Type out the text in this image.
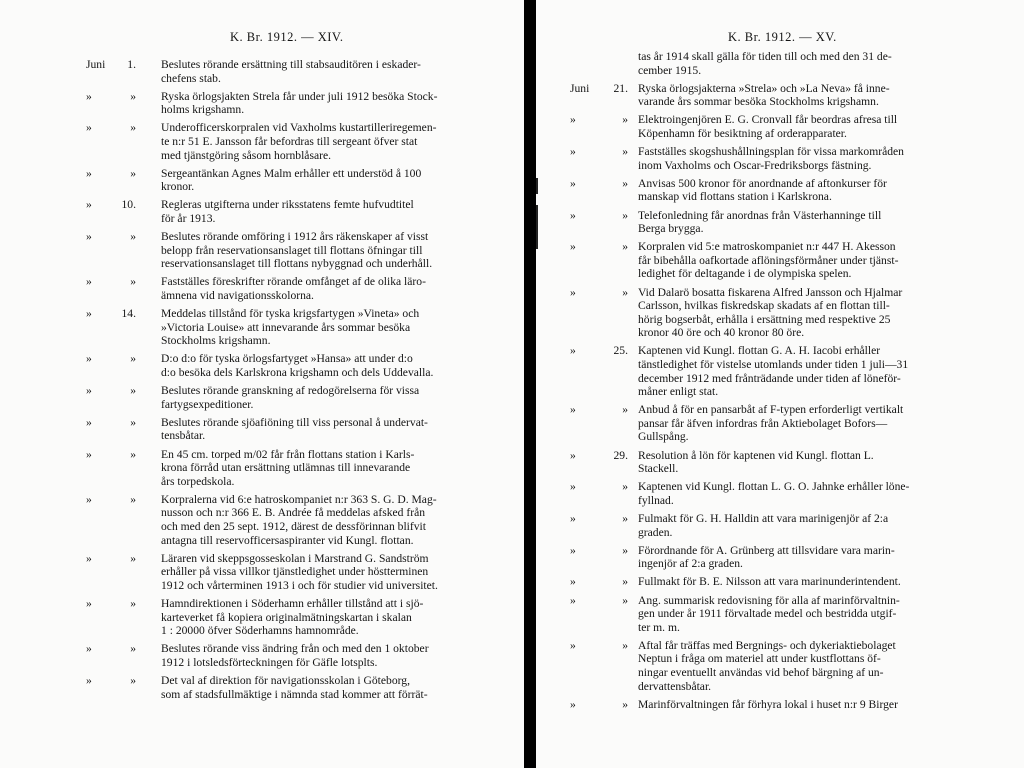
K. Br. 1912. — XIV.
Juni	1. Beslutes rörande ersättning till stabsauditören i eskader-
chefens stab.
»	» Ryska örlogsjakten Strela får under juli 1912 besöka Stock-
holms krigshamn.
»	» Underofficerskorpralen vid Vaxholms kustartilleriregemen-
te n:r 51 E. Jansson får befordras till sergeant öfver stat
med tjänstgöring såsom hornblåsare.
»	» Sergeantänkan Agnes Malm erhåller ett understöd å 100
kronor.
»	10. Regleras utgifterna under riksstatens femte hufvudtitel
för år 1913.
»	» Beslutes rörande omföring i 1912 års räkenskaper af visst
belopp från reservationsanslaget till flottans öfningar till
reservationsanslaget till flottans nybyggnad och underhåll.
»	» Fastställes föreskrifter rörande omfånget af de olika läro-
ämnena vid navigationsskolorna.
»	14. Meddelas tillstånd för tyska krigsfartygen »Vineta» och
»Victoria Louise» att innevarande års sommar besöka
Stockholms krigshamn.
»	» D:o d:o för tyska örlogsfartyget »Hansa» att under d:o
d:o besöka dels Karlskrona krigshamn och dels Uddevalla.
»	» Beslutes rörande granskning af redogörelserna för vissa
fartygsexpeditioner.
»	» Beslutes rörande sjöafiöning till viss personal å undervat-
tensbåtar.
»	» En 45 cm. torped m/02 får från flottans station i Karls-
krona förråd utan ersättning utlämnas till innevarande
års torpedskola.
»	» Korpralerna vid 6:e hatroskompaniet n:r 363 S. G. D. Mag-
nusson och n:r 366 E. B. Andrée få meddelas afsked från
och med den 25 sept. 1912, därest de dessförinnan blifvit
antagna till reservofficersaspiranter vid Kungl. flottan.
»	» Läraren vid skeppsgosseskolan i Marstrand G. Sandström
erhåller på vissa villkor tjänstledighet under höstterminen
1912 och vårterminen 1913 i och för studier vid universitet.
»	» Hamndirektionen i Söderhamn erhåller tillstånd att i sjö-
karteverket få kopiera originalmätningskartan i skalan
1 : 20000 öfver Söderhamns hamnområde.
»	» Beslutes rörande viss ändring från och med den 1 oktober
1912 i lotsledsförteckningen för Gäfle lotsplts.
»	» Det val af direktion för navigationsskolan i Göteborg,
som af stadsfullmäktige i nämnda stad kommer att förrät-
K. Br. 1912. — XV.
tas år 1914 skall gälla för tiden till och med den 31 de-
cember 1915.
Juni	21. Ryska örlogsjakterna »Strela» och »La Neva» få inne-
varande års sommar besöka Stockholms krigshamn.
»	» Elektroingenjören E. G. Cronvall får beordras afresa till
Köpenhamn för besiktning af orderapparater.
»	» Fastställes skogshushållningsplan för vissa markområden
inom Vaxholms och Oscar-Fredriksborgs fästning.
»	» Anvisas 500 kronor för anordnande af aftonkurser för
manskap vid flottans station i Karlskrona.
»	» Telefonledning får anordnas från Västerhanninge till
Berga brygga.
»	» Korpralen vid 5:e matroskompaniet n:r 447 H. Akesson
får bibehålla oafkortade aflöningsförmåner under tjänst-
ledighet för deltagande i de olympiska spelen.
»	» Vid Dalarö bosatta fiskarena Alfred Jansson och Hjalmar
Carlsson, hvilkas fiskredskap skadats af en flottan till-
hörig bogserbåt, erhålla i ersättning med respektive 25
kronor 40 öre och 40 kronor 80 öre.
»	25. Kaptenen vid Kungl. flottan G. A. H. Iacobi erhåller
tänstledighet för vistelse utomlands under tiden 1 juli—31
december 1912 med frånträdande under tiden af löneför-
måner enligt stat.
»	» Anbud å för en pansarbåt af F-typen erforderligt vertikalt
pansar får äfven infordras från Aktiebolaget Bofors—
Gullspång.
»	29. Resolution å lön för kaptenen vid Kungl. flottan L.
Stackell.
»	» Kaptenen vid Kungl. flottan L. G. O. Jahnke erhåller löne-
fyllnad.
»	» Fulmakt för G. H. Halldin att vara marinigenjör af 2:a
graden.
»	» Förordnande för A. Grünberg att tillsvidare vara marin-
ingenjör af 2:a graden.
»	» Fullmakt för B. E. Nilsson att vara marinunderintendent.
»	» Ang. summarisk redovisning för alla af marinförvaltnin-
gen under år 1911 förvaltade medel och bestridda utgif-
ter m. m.
»	» Aftal får träffas med Bergnings- och dykeriaktiebolaget
Neptun i fråga om materiel att under kustflottans öf-
ningar eventuellt användas vid behof bärgning af un-
dervattensbåtar.
»	» Marinförvaltningen får förhyra lokal i huset n:r 9 Birger
